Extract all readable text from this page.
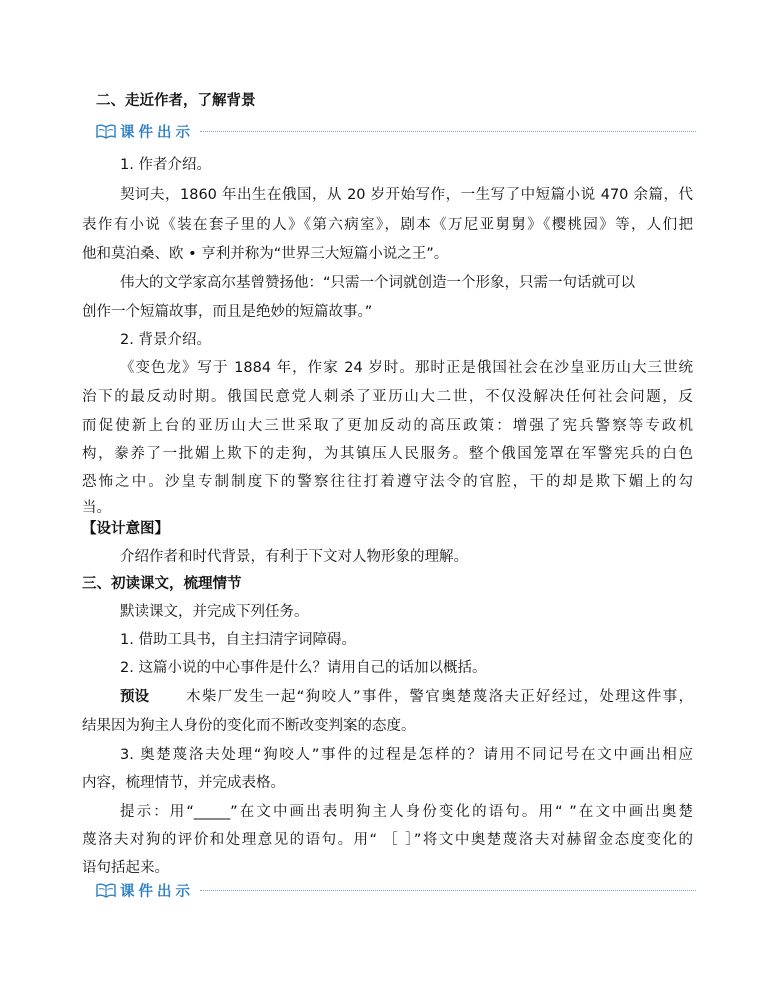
二、走近作者，了解背景
课件出示
1. 作者介绍。
契诃夫，1860 年出生在俄国，从 20 岁开始写作，一生写了中短篇小说 470 余篇，代
表作有小说《装在套子里的人》《第六病室》，剧本《万尼亚舅舅》《樱桃园》等，人们把
他和莫泊桑、欧 • 亨利并称为“世界三大短篇小说之王”。
伟大的文学家高尔基曾赞扬他：“只需一个词就创造一个形象，只需一句话就可以
创作一个短篇故事，而且是绝妙的短篇故事。”
2. 背景介绍。
《变色龙》写于 1884 年，作家 24 岁时。那时正是俄国社会在沙皇亚历山大三世统
治下的最反动时期。俄国民意党人刺杀了亚历山大二世，不仅没解决任何社会问题，反
而促使新上台的亚历山大三世采取了更加反动的高压政策：增强了宪兵警察等专政机
构，豢养了一批媚上欺下的走狗，为其镇压人民服务。整个俄国笼罩在军警宪兵的白色
恐怖之中。沙皇专制制度下的警察往往打着遵守法令的官腔，干的却是欺下媚上的勾
当。
【设计意图】
介绍作者和时代背景，有利于下文对人物形象的理解。
三、初读课文，梳理情节
默读课文，并完成下列任务。
1. 借助工具书，自主扫清字词障碍。
2. 这篇小说的中心事件是什么？请用自己的话加以概括。
预设	木柴厂发生一起“狗咬人”事件，警官奥楚蔑洛夫正好经过，处理这件事，
结果因为狗主人身份的变化而不断改变判案的态度。
3. 奥楚蔑洛夫处理“狗咬人”事件的过程是怎样的？请用不同记号在文中画出相应
内容，梳理情节，并完成表格。
提示：用“_____”在文中画出表明狗主人身份变化的语句。用“ ”在文中画出奥楚
蔑洛夫对狗的评价和处理意见的语句。用“ ［ ］”将文中奥楚蔑洛夫对赫留金态度变化的
语句括起来。
课件出示
